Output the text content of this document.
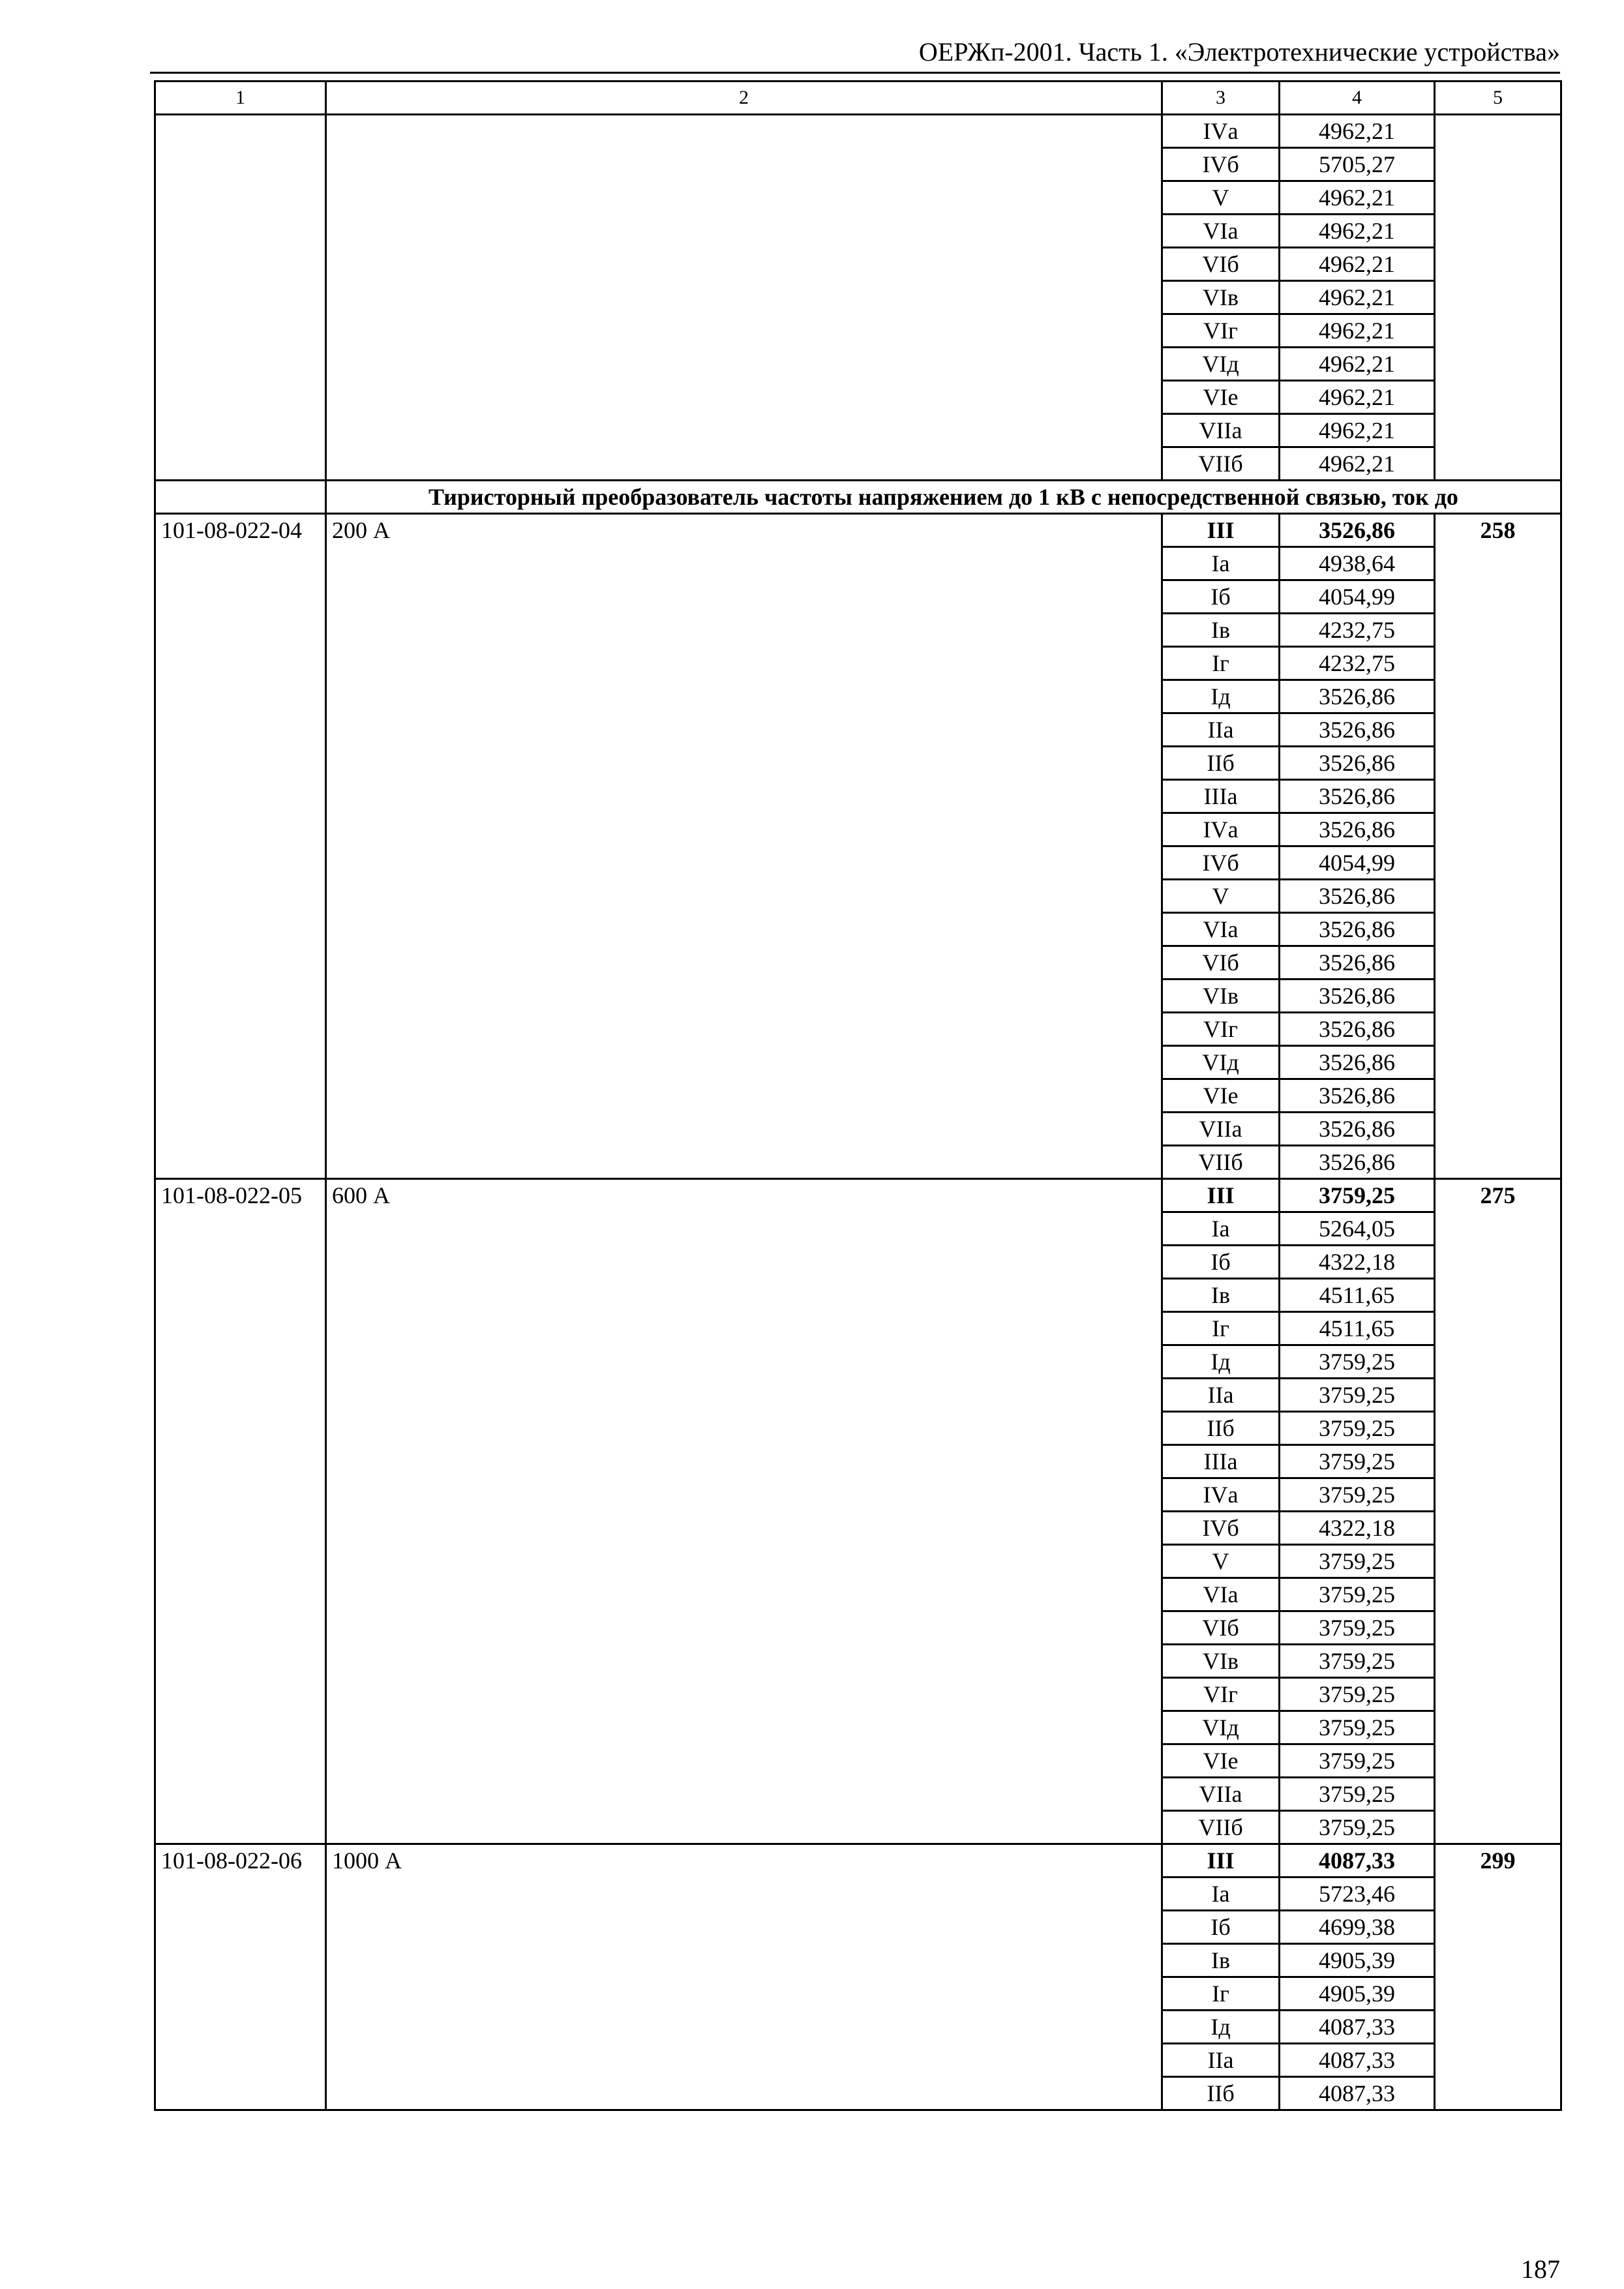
ОЕРЖп-2001. Часть 1. «Электротехнические устройства»
1	2	3	4	5
		IVа	4962,21	
		IVб	5705,27	
		V	4962,21	
		VIа	4962,21	
		VIб	4962,21	
		VIв	4962,21	
		VIг	4962,21	
		VIд	4962,21	
		VIе	4962,21	
		VIIа	4962,21	
		VIIб	4962,21	
	Тиристорный преобразователь частоты напряжением до 1 кВ с непосредственной связью, ток до			
101-08-022-04	200 А	III	3526,86	258
		Iа	4938,64	
		Iб	4054,99	
		Iв	4232,75	
		Iг	4232,75	
		Iд	3526,86	
		IIа	3526,86	
		IIб	3526,86	
		IIIа	3526,86	
		IVа	3526,86	
		IVб	4054,99	
		V	3526,86	
		VIа	3526,86	
		VIб	3526,86	
		VIв	3526,86	
		VIг	3526,86	
		VIд	3526,86	
		VIе	3526,86	
		VIIа	3526,86	
		VIIб	3526,86	
101-08-022-05	600 А	III	3759,25	275
		Iа	5264,05	
		Iб	4322,18	
		Iв	4511,65	
		Iг	4511,65	
		Iд	3759,25	
		IIа	3759,25	
		IIб	3759,25	
		IIIа	3759,25	
		IVа	3759,25	
		IVб	4322,18	
		V	3759,25	
		VIа	3759,25	
		VIб	3759,25	
		VIв	3759,25	
		VIг	3759,25	
		VIд	3759,25	
		VIе	3759,25	
		VIIа	3759,25	
		VIIб	3759,25	
101-08-022-06	1000 А	III	4087,33	299
		Iа	5723,46	
		Iб	4699,38	
		Iв	4905,39	
		Iг	4905,39	
		Iд	4087,33	
		IIа	4087,33	
		IIб	4087,33	
187
